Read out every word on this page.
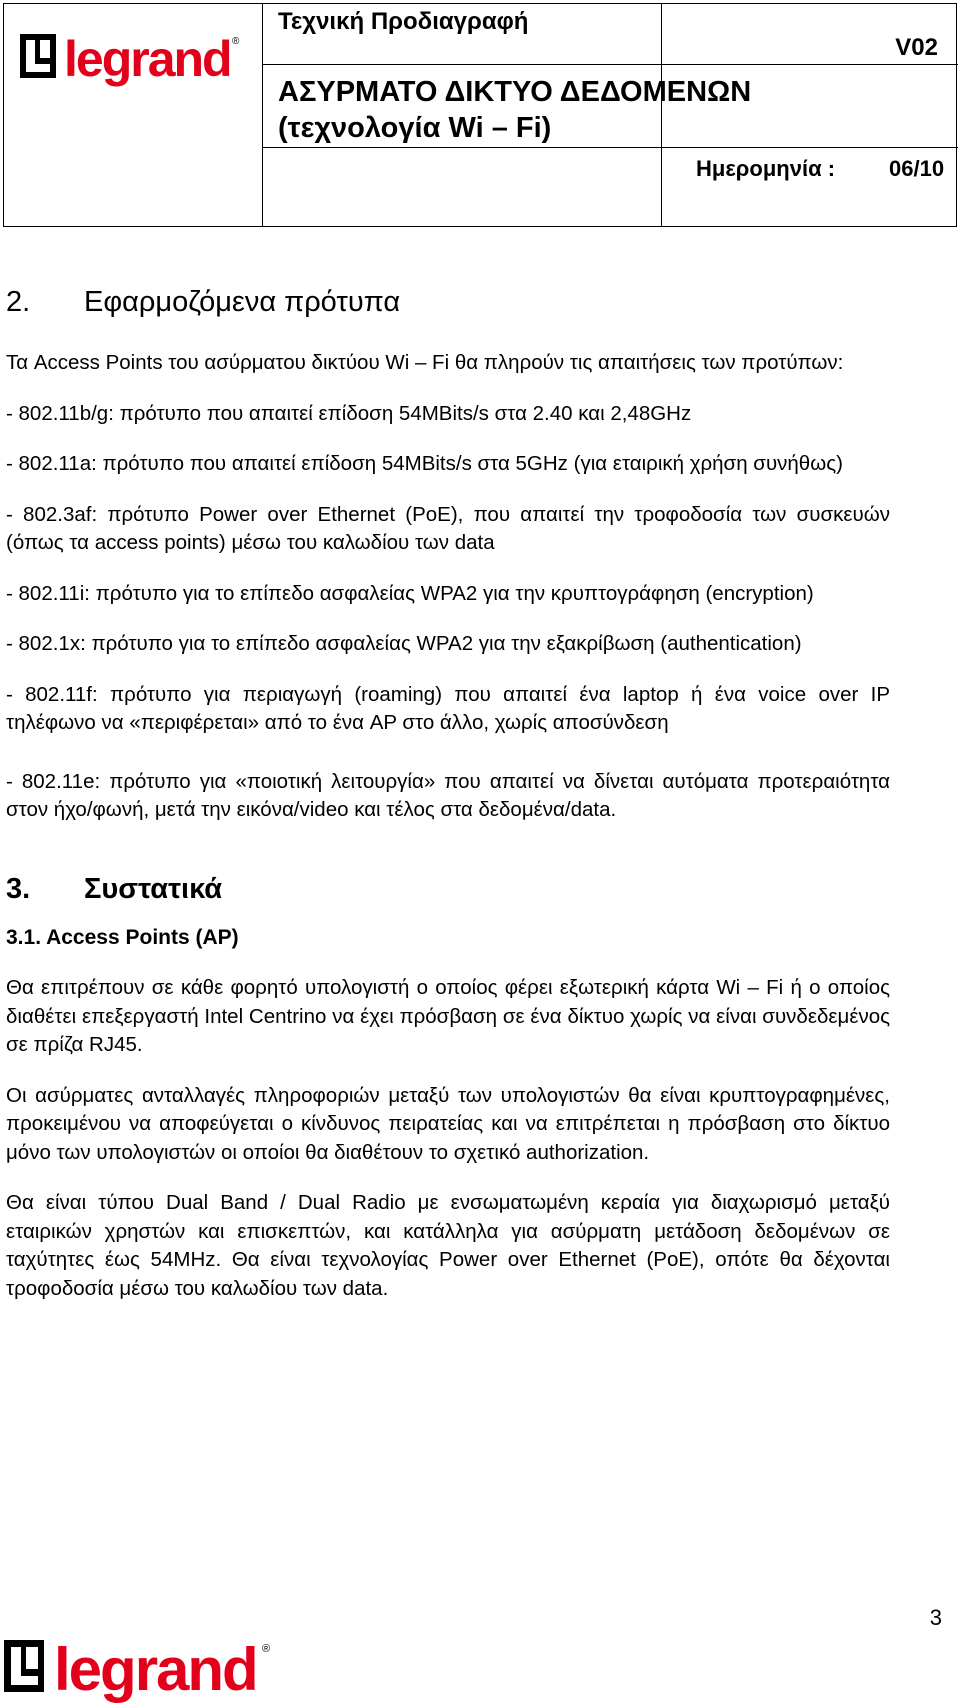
legrand ®
Τεχνική Προδιαγραφή
V02
ΑΣΥΡΜΑΤΟ ΔΙΚΤΥΟ ΔΕΔΟΜΕΝΩΝ
(τεχνολογία Wi – Fi)
Ημερομηνία : 06/10
2.	Εφαρμοζόμενα πρότυπα

Τα Access Points του ασύρματου δικτύου Wi – Fi θα πληρούν τις απαιτήσεις των προτύπων:

- 802.11b/g: πρότυπο που απαιτεί επίδοση 54MBits/s στα 2.40 και 2,48GHz

- 802.11a: πρότυπο που απαιτεί επίδοση 54MBits/s στα 5GHz (για εταιρική χρήση συνήθως)

- 802.3af: πρότυπο Power over Ethernet (PoE), που απαιτεί την τροφοδοσία των συσκευών (όπως τα access points) μέσω του καλωδίου των data

- 802.11i: πρότυπο για το επίπεδο ασφαλείας WPA2 για την κρυπτογράφηση (encryption)

- 802.1x: πρότυπο για το επίπεδο ασφαλείας WPA2 για την εξακρίβωση (authentication)

- 802.11f: πρότυπο για περιαγωγή (roaming) που απαιτεί ένα laptop ή ένα voice over IP τηλέφωνο να «περιφέρεται» από το ένα AP στο άλλο, χωρίς αποσύνδεση

- 802.11e: πρότυπο για «ποιοτική λειτουργία» που απαιτεί να δίνεται αυτόματα προτεραιότητα στον ήχο/φωνή, μετά την εικόνα/video και τέλος στα δεδομένα/data.

3.	Συστατικά
3.1. Access Points (AP)

Θα επιτρέπουν σε κάθε φορητό υπολογιστή ο οποίος φέρει εξωτερική κάρτα Wi – Fi ή ο οποίος διαθέτει επεξεργαστή Intel Centrino να έχει πρόσβαση σε ένα δίκτυο χωρίς να είναι συνδεδεμένος σε πρίζα RJ45.

Οι ασύρματες ανταλλαγές πληροφοριών μεταξύ των υπολογιστών θα είναι κρυπτογραφημένες, προκειμένου να αποφεύγεται ο κίνδυνος πειρατείας και να επιτρέπεται η πρόσβαση στο δίκτυο μόνο των υπολογιστών οι οποίοι θα διαθέτουν το σχετικό authorization.

Θα είναι τύπου Dual Band / Dual Radio με ενσωματωμένη κεραία για διαχωρισμό μεταξύ εταιρικών χρηστών και επισκεπτών, και κατάλληλα για ασύρματη μετάδοση δεδομένων σε ταχύτητες έως 54MHz. Θα είναι τεχνολογίας Power over Ethernet (PoE), οπότε θα δέχονται τροφοδοσία μέσω του καλωδίου των data.

3
legrand ®
